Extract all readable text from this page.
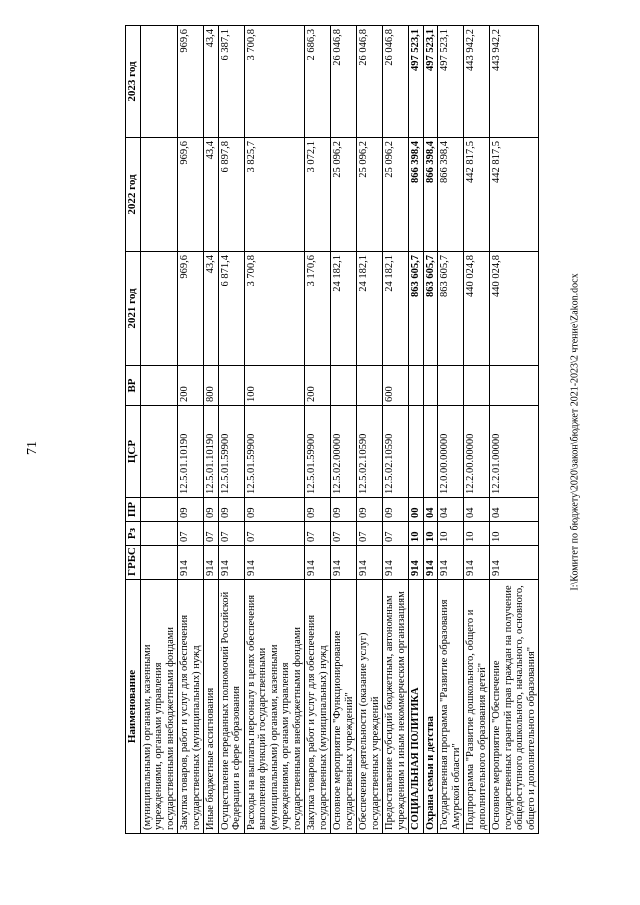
71
Наименование	ГРБС	Рз	ПР	ЦСР	ВР	2021 год	2022 год	2023 год
(муниципальными) органами, казенными учреждениями, органами управления государственными внебюджетными фондами								
Закупка товаров, работ и услуг для обеспечения государственных (муниципальных) нужд	914	07	09	12.5.01.10190	200	969,6	969,6	969,6
Иные бюджетные ассигнования	914	07	09	12.5.01.10190	800	43,4	43,4	43,4
Осуществление переданных полномочий Российской Федерации в сфере образования	914	07	09	12.5.01.59900		6 871,4	6 897,8	6 387,1
Расходы на выплаты персоналу в целях обеспечения выполнения функций государственными (муниципальными) органами, казенными учреждениями, органами управления государственными внебюджетными фондами	914	07	09	12.5.01.59900	100	3 700,8	3 825,7	3 700,8
Закупка товаров, работ и услуг для обеспечения государственных (муниципальных) нужд	914	07	09	12.5.01.59900	200	3 170,6	3 072,1	2 686,3
Основное мероприятие "Функционирование государственных учреждений"	914	07	09	12.5.02.00000		24 182,1	25 096,2	26 046,8
Обеспечение деятельности (оказание услуг) государственных учреждений	914	07	09	12.5.02.10590		24 182,1	25 096,2	26 046,8
Предоставление субсидий бюджетным, автономным учреждениям и иным некоммерческим организациям	914	07	09	12.5.02.10590	600	24 182,1	25 096,2	26 046,8
СОЦИАЛЬНАЯ ПОЛИТИКА	914	10	00			863 605,7	866 398,4	497 523,1
Охрана семьи и детства	914	10	04			863 605,7	866 398,4	497 523,1
Государственная программа "Развитие образования Амурской области"	914	10	04	12.0.00.00000		863 605,7	866 398,4	497 523,1
Подпрограмма "Развитие дошкольного, общего и дополнительного образования детей"	914	10	04	12.2.00.00000		440 024,8	442 817,5	443 942,2
Основное мероприятие "Обеспечение государственных гарантий прав граждан на получение общедоступного дошкольного, начального, основного, общего и дополнительного образования"	914	10	04	12.2.01.00000		440 024,8	442 817,5	443 942,2
I:\Комитет по бюджету\2020\закон\бюджет 2021-2023\2 чтение\Zakon.docx
